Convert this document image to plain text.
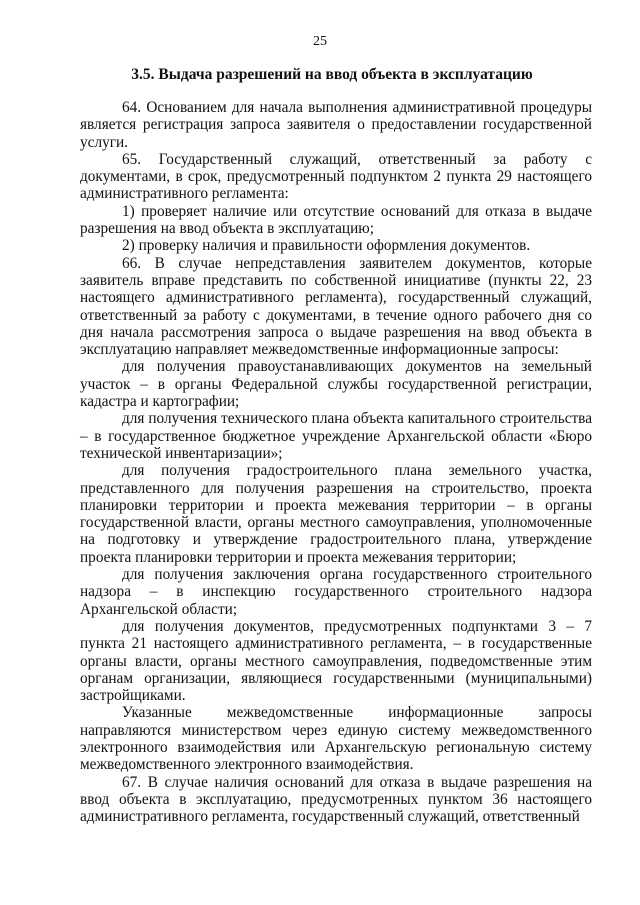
25
3.5. Выдача разрешений на ввод объекта в эксплуатацию

64. Основанием для начала выполнения административной процедуры является регистрация запроса заявителя о предоставлении государственной услуги.

65. Государственный служащий, ответственный за работу с документами, в срок, предусмотренный подпунктом 2 пункта 29 настоящего административного регламента:

1) проверяет наличие или отсутствие оснований для отказа в выдаче разрешения на ввод объекта в эксплуатацию;

2) проверку наличия и правильности оформления документов.

66. В случае непредставления заявителем документов, которые заявитель вправе представить по собственной инициативе (пункты 22, 23 настоящего административного регламента), государственный служащий, ответственный за работу с документами, в течение одного рабочего дня со дня начала рассмотрения запроса о выдаче разрешения на ввод объекта в эксплуатацию направляет межведомственные информационные запросы:

для получения правоустанавливающих документов на земельный участок – в органы Федеральной службы государственной регистрации, кадастра и картографии;

для получения технического плана объекта капитального строительства – в государственное бюджетное учреждение Архангельской области «Бюро технической инвентаризации»;

для получения градостроительного плана земельного участка, представленного для получения разрешения на строительство, проекта планировки территории и проекта межевания территории – в органы государственной власти, органы местного самоуправления, уполномоченные на подготовку и утверждение градостроительного плана, утверждение проекта планировки территории и проекта межевания территории;

для получения заключения органа государственного строительного надзора – в инспекцию государственного строительного надзора Архангельской области;

для получения документов, предусмотренных подпунктами 3 – 7 пункта 21 настоящего административного регламента, – в государственные органы власти, органы местного самоуправления, подведомственные этим органам организации, являющиеся государственными (муниципальными) застройщиками.

Указанные межведомственные информационные запросы направляются министерством через единую систему межведомственного электронного взаимодействия или Архангельскую региональную систему межведомственного электронного взаимодействия.

67. В случае наличия оснований для отказа в выдаче разрешения на ввод объекта в эксплуатацию, предусмотренных пунктом 36 настоящего административного регламента, государственный служащий, ответственный
